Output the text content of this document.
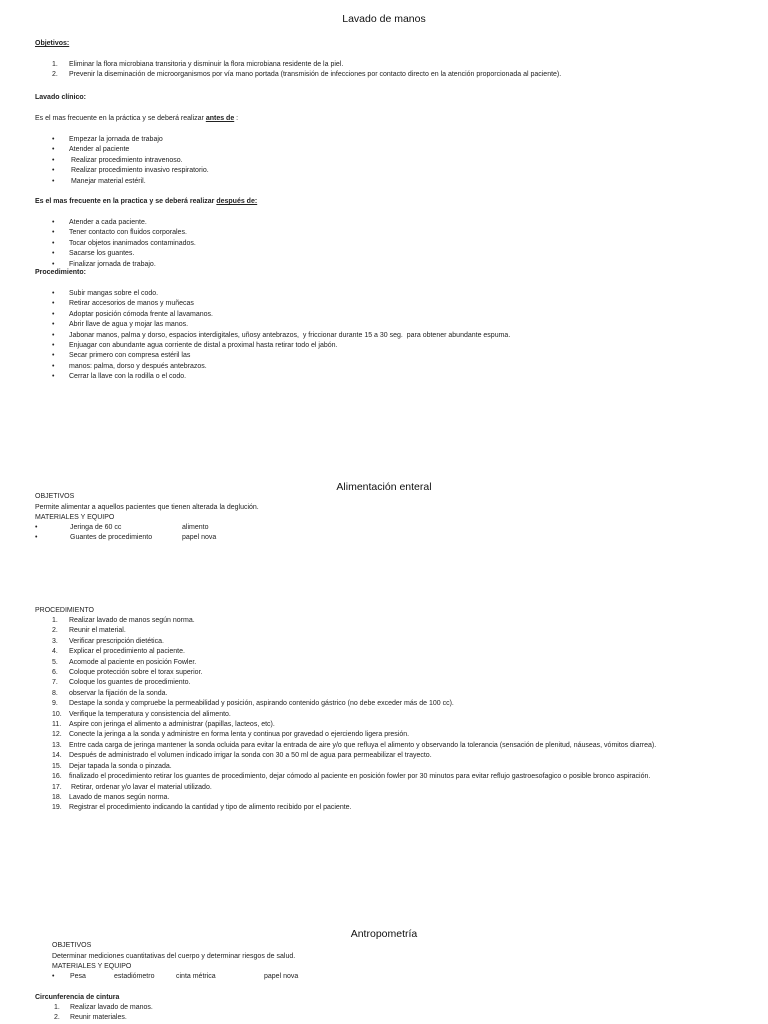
Lavado de manos
Objetivos:
1. Eliminar la flora microbiana transitoria y disminuir la flora microbiana residente de la piel.
2. Prevenir la diseminación de microorganismos por vía mano portada (transmisión de infecciones por contacto directo en la atención proporcionada al paciente).
Lavado clínico:
Es el mas frecuente en la práctica y se deberá realizar antes de :
• Empezar la jornada de trabajo
• Atender al paciente
•  Realizar procedimiento intravenoso.
•  Realizar procedimiento invasivo respiratorio.
•  Manejar material estéril.
Es el mas frecuente en la practica y se deberá realizar después de:
• Atender a cada paciente.
• Tener contacto con fluidos corporales.
• Tocar objetos inanimados contaminados.
• Sacarse los guantes.
• Finalizar jornada de trabajo.
Procedimiento:
• Subir mangas sobre el codo.
• Retirar accesorios de manos y muñecas
• Adoptar posición cómoda frente al lavamanos.
• Abrir llave de agua y mojar las manos.
• Jabonar manos, palma y dorso, espacios interdigitales, uñosy antebrazos,  y friccionar durante 15 a 30 seg.  para obtener abundante espuma.
• Enjuagar con abundante agua corriente de distal a proximal hasta retirar todo el jabón.
• Secar primero con compresa estéril las
• manos: palma, dorso y después antebrazos.
• Cerrar la llave con la rodilla o el codo.
Alimentación enteral
OBJETIVOS
Permite alimentar a aquellos pacientes que tienen alterada la deglución.
MATERIALES Y EQUIPO
•	Jeringa de 60 cc	alimento
•	Guantes de procedimiento	papel nova
PROCEDIMIENTO
1. Realizar lavado de manos según norma.
2. Reunir el material.
3. Verificar prescripción dietética.
4. Explicar el procedimiento al paciente.
5. Acomode al paciente en posición Fowler.
6. Coloque protección sobre el torax superior.
7. Coloque los guantes de procedimiento.
8. observar la fijación de la sonda.
9. Destape la sonda y compruebe la permeabilidad y posición, aspirando contenido gástrico (no debe exceder más de 100 cc).
10. Verifique la temperatura y consistencia del alimento.
11. Aspire con jeringa el alimento a administrar (papillas, lacteos, etc).
12. Conecte la jeringa a la sonda y administre en forma lenta y continua por gravedad o ejerciendo ligera presión.
13. Entre cada carga de jeringa mantener la sonda ocluida para evitar la entrada de aire y/o que refluya el alimento y observando la tolerancia (sensación de plenitud, náuseas, vómitos diarrea).
14. Después de administrado el volumen indicado irrigar la sonda con 30 a 50 ml de agua para permeabilizar el trayecto.
15. Dejar tapada la sonda o pinzada.
16. finalizado el procedimiento retirar los guantes de procedimiento, dejar cómodo al paciente en posición fowler por 30 minutos para evitar reflujo gastroesofagico o posible bronco aspiración.
17. Retirar, ordenar y/o lavar el material utilizado.
18. Lavado de manos según norma.
19. Registrar el procedimiento indicando la cantidad y tipo de alimento recibido por el paciente.
Antropometría
OBJETIVOS
Determinar mediciones cuantitativas del cuerpo y determinar riesgos de salud.
MATERIALES Y EQUIPO
• Pesa	estadiómetro	cinta métrica	papel nova
Circunferencia de cintura
1. Realizar lavado de manos.
2. Reunir materiales.
